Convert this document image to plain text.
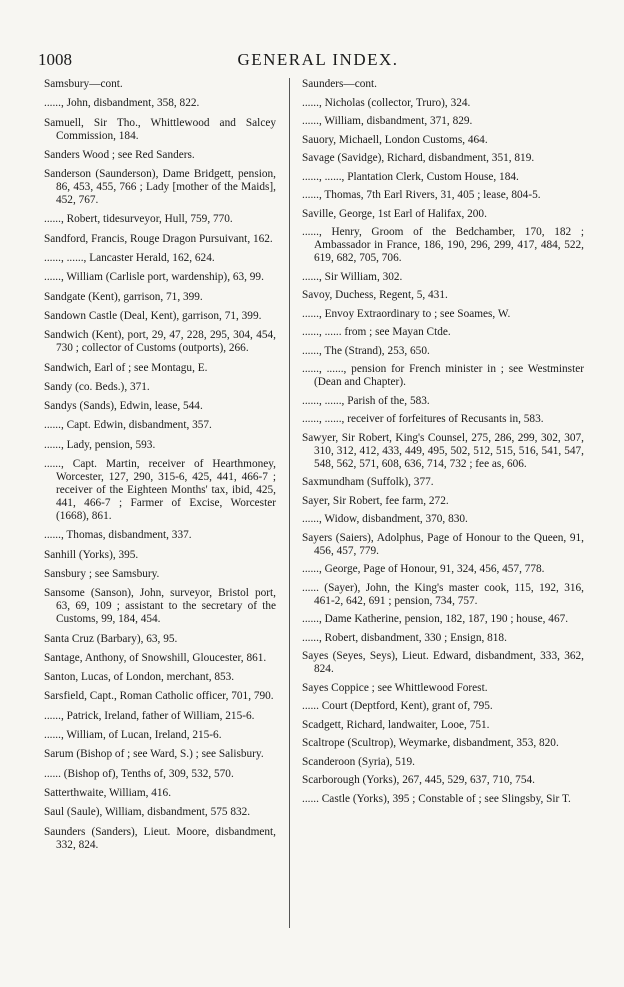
1008	GENERAL INDEX.

Samsbury—cont.

......, John, disbandment, 358, 822.

Samuell, Sir Tho., Whittlewood and Salcey Commission, 184.

Sanders Wood ; see Red Sanders.

Sanderson (Saunderson), Dame Bridgett, pension, 86, 453, 455, 766 ; Lady [mother of the Maids], 452, 767.

......, Robert, tidesurveyor, Hull, 759, 770.

Sandford, Francis, Rouge Dragon Pursuivant, 162.

......, ......, Lancaster Herald, 162, 624.

......, William (Carlisle port, wardenship), 63, 99.

Sandgate (Kent), garrison, 71, 399.

Sandown Castle (Deal, Kent), garrison, 71, 399.

Sandwich (Kent), port, 29, 47, 228, 295, 304, 454, 730 ; collector of Customs (outports), 266.

Sandwich, Earl of ; see Montagu, E.

Sandy (co. Beds.), 371.

Sandys (Sands), Edwin, lease, 544.

......, Capt. Edwin, disbandment, 357.

......, Lady, pension, 593.

......, Capt. Martin, receiver of Hearthmoney, Worcester, 127, 290, 315-6, 425, 441, 466-7 ; receiver of the Eighteen Months' tax, ibid, 425, 441, 466-7 ; Farmer of Excise, Worcester (1668), 861.

......, Thomas, disbandment, 337.

Sanhill (Yorks), 395.

Sansbury ; see Samsbury.

Sansome (Sanson), John, surveyor, Bristol port, 63, 69, 109 ; assistant to the secretary of the Customs, 99, 184, 454.

Santa Cruz (Barbary), 63, 95.

Santage, Anthony, of Snowshill, Gloucester, 861.

Santon, Lucas, of London, merchant, 853.

Sarsfield, Capt., Roman Catholic officer, 701, 790.

......, Patrick, Ireland, father of William, 215-6.

......, William, of Lucan, Ireland, 215-6.

Sarum (Bishop of ; see Ward, S.) ; see Salisbury.

...... (Bishop of), Tenths of, 309, 532, 570.

Satterthwaite, William, 416.

Saul (Saule), William, disbandment, 575 832.

Saunders (Sanders), Lieut. Moore, disbandment, 332, 824.

Saunders—cont.

......, Nicholas (collector, Truro), 324.

......, William, disbandment, 371, 829.

Sauory, Michaell, London Customs, 464.

Savage (Savidge), Richard, disbandment, 351, 819.

......, ......, Plantation Clerk, Custom House, 184.

......, Thomas, 7th Earl Rivers, 31, 405 ; lease, 804-5.

Saville, George, 1st Earl of Halifax, 200.

......, Henry, Groom of the Bedchamber, 170, 182 ; Ambassador in France, 186, 190, 296, 299, 417, 484, 522, 619, 682, 705, 706.

......, Sir William, 302.

Savoy, Duchess, Regent, 5, 431.

......, Envoy Extraordinary to ; see Soames, W.

......, ...... from ; see Mayan Ctde.

......, The (Strand), 253, 650.

......, ......, pension for French minister in ; see Westminster (Dean and Chapter).

......, ......, Parish of the, 583.

......, ......, receiver of forfeitures of Recusants in, 583.

Sawyer, Sir Robert, King's Counsel, 275, 286, 299, 302, 307, 310, 312, 412, 433, 449, 495, 502, 512, 515, 516, 541, 547, 548, 562, 571, 608, 636, 714, 732 ; fee as, 606.

Saxmundham (Suffolk), 377.

Sayer, Sir Robert, fee farm, 272.

......, Widow, disbandment, 370, 830.

Sayers (Saiers), Adolphus, Page of Honour to the Queen, 91, 456, 457, 779.

......, George, Page of Honour, 91, 324, 456, 457, 778.

...... (Sayer), John, the King's master cook, 115, 192, 316, 461-2, 642, 691 ; pension, 734, 757.

......, Dame Katherine, pension, 182, 187, 190 ; house, 467.

......, Robert, disbandment, 330 ; Ensign, 818.

Sayes (Seyes, Seys), Lieut. Edward, disbandment, 333, 362, 824.

Sayes Coppice ; see Whittlewood Forest.

...... Court (Deptford, Kent), grant of, 795.

Scadgett, Richard, landwaiter, Looe, 751.

Scaltrope (Scultrop), Weymarke, disbandment, 353, 820.

Scanderoon (Syria), 519.

Scarborough (Yorks), 267, 445, 529, 637, 710, 754.

...... Castle (Yorks), 395 ; Constable of ; see Slingsby, Sir T.
